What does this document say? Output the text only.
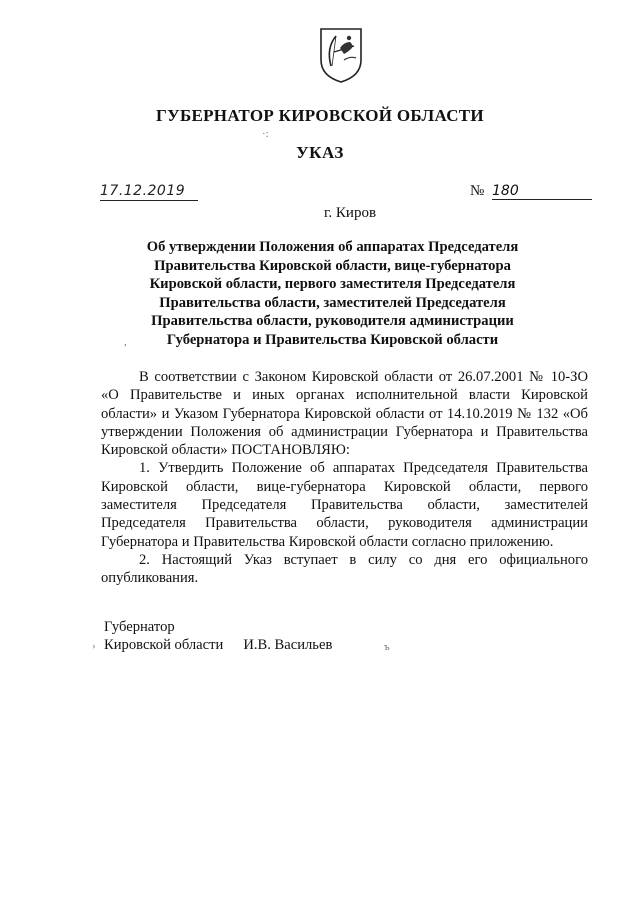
ГУБЕРНАТОР КИРОВСКОЙ ОБЛАСТИ
УКАЗ
17.12.2019	№ 180
г. Киров
Об утверждении Положения об аппаратах Председателя Правительства Кировской области, вице-губернатора Кировской области, первого заместителя Председателя Правительства области, заместителей Председателя Правительства области, руководителя администрации Губернатора и Правительства Кировской области

В соответствии с Законом Кировской области от 26.07.2001 № 10-ЗО «О Правительстве и иных органах исполнительной власти Кировской области» и Указом Губернатора Кировской области от 14.10.2019 № 132 «Об утверждении Положения об администрации Губернатора и Правительства Кировской области» ПОСТАНОВЛЯЮ:

1. Утвердить Положение об аппаратах Председателя Правительства Кировской области, вице-губернатора Кировской области, первого заместителя Председателя Правительства области, заместителей Председателя Правительства области, руководителя администрации Губернатора и Правительства Кировской области согласно приложению.

2. Настоящий Указ вступает в силу со дня его официального опубликования.

Губернатор
Кировской области И.В. Васильев
·:
›	ъ
,
